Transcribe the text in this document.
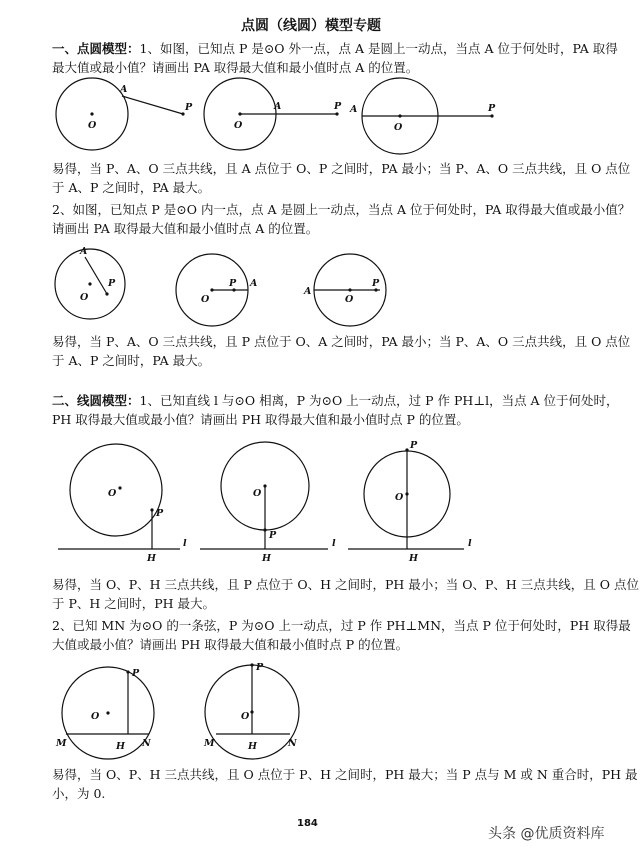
点圆（线圆）模型专题
一、点圆模型：1、如图，已知点 P 是⊙O 外一点，点 A 是圆上一动点，当点 A 位于何处时，PA 取得
最大值或最小值？请画出 PA 取得最大值和最小值时点 A 的位置。
O
A
P
O
A	P
O
A	P
易得，当 P、A、O 三点共线，且 A 点位于 O、P 之间时，PA 最小；当 P、A、O 三点共线，且 O 点位
于 A、P 之间时，PA 最大。
2、如图，已知点 P 是⊙O 内一点，点 A 是圆上一动点，当点 A 位于何处时，PA 取得最大值或最小值？
请画出 PA 取得最大值和最小值时点 A 的位置。
A
O
P
O
P A
A
O
P
易得，当 P、A、O 三点共线，且 P 点位于 O、A 之间时，PA 最小；当 P、A、O 三点共线，且 O 点位
于 A、P 之间时，PA 最大。
二、线圆模型：1、已知直线 l 与⊙O 相离，P 为⊙O 上一动点，过 P 作 PH⊥l，当点 A 位于何处时，
PH 取得最大值或最小值？请画出 PH 取得最大值和最小值时点 P 的位置。
O
P
H
l
O
P
H
l
P
O
H
l
易得，当 O、P、H 三点共线，且 P 点位于 O、H 之间时，PH 最小；当 O、P、H 三点共线，且 O 点位
于 P、H 之间时，PH 最大。
2、已知 MN 为⊙O 的一条弦，P 为⊙O 上一动点，过 P 作 PH⊥MN，当点 P 位于何处时，PH 取得最
大值或最小值？请画出 PH 取得最大值和最小值时点 P 的位置。
P
O
M	H N
P
O
M	H	N
易得，当 O、P、H 三点共线，且 O 点位于 P、H 之间时，PH 最大；当 P 点与 M 或 N 重合时，PH 最
小，为 0.
184
头条 @优质资料库
